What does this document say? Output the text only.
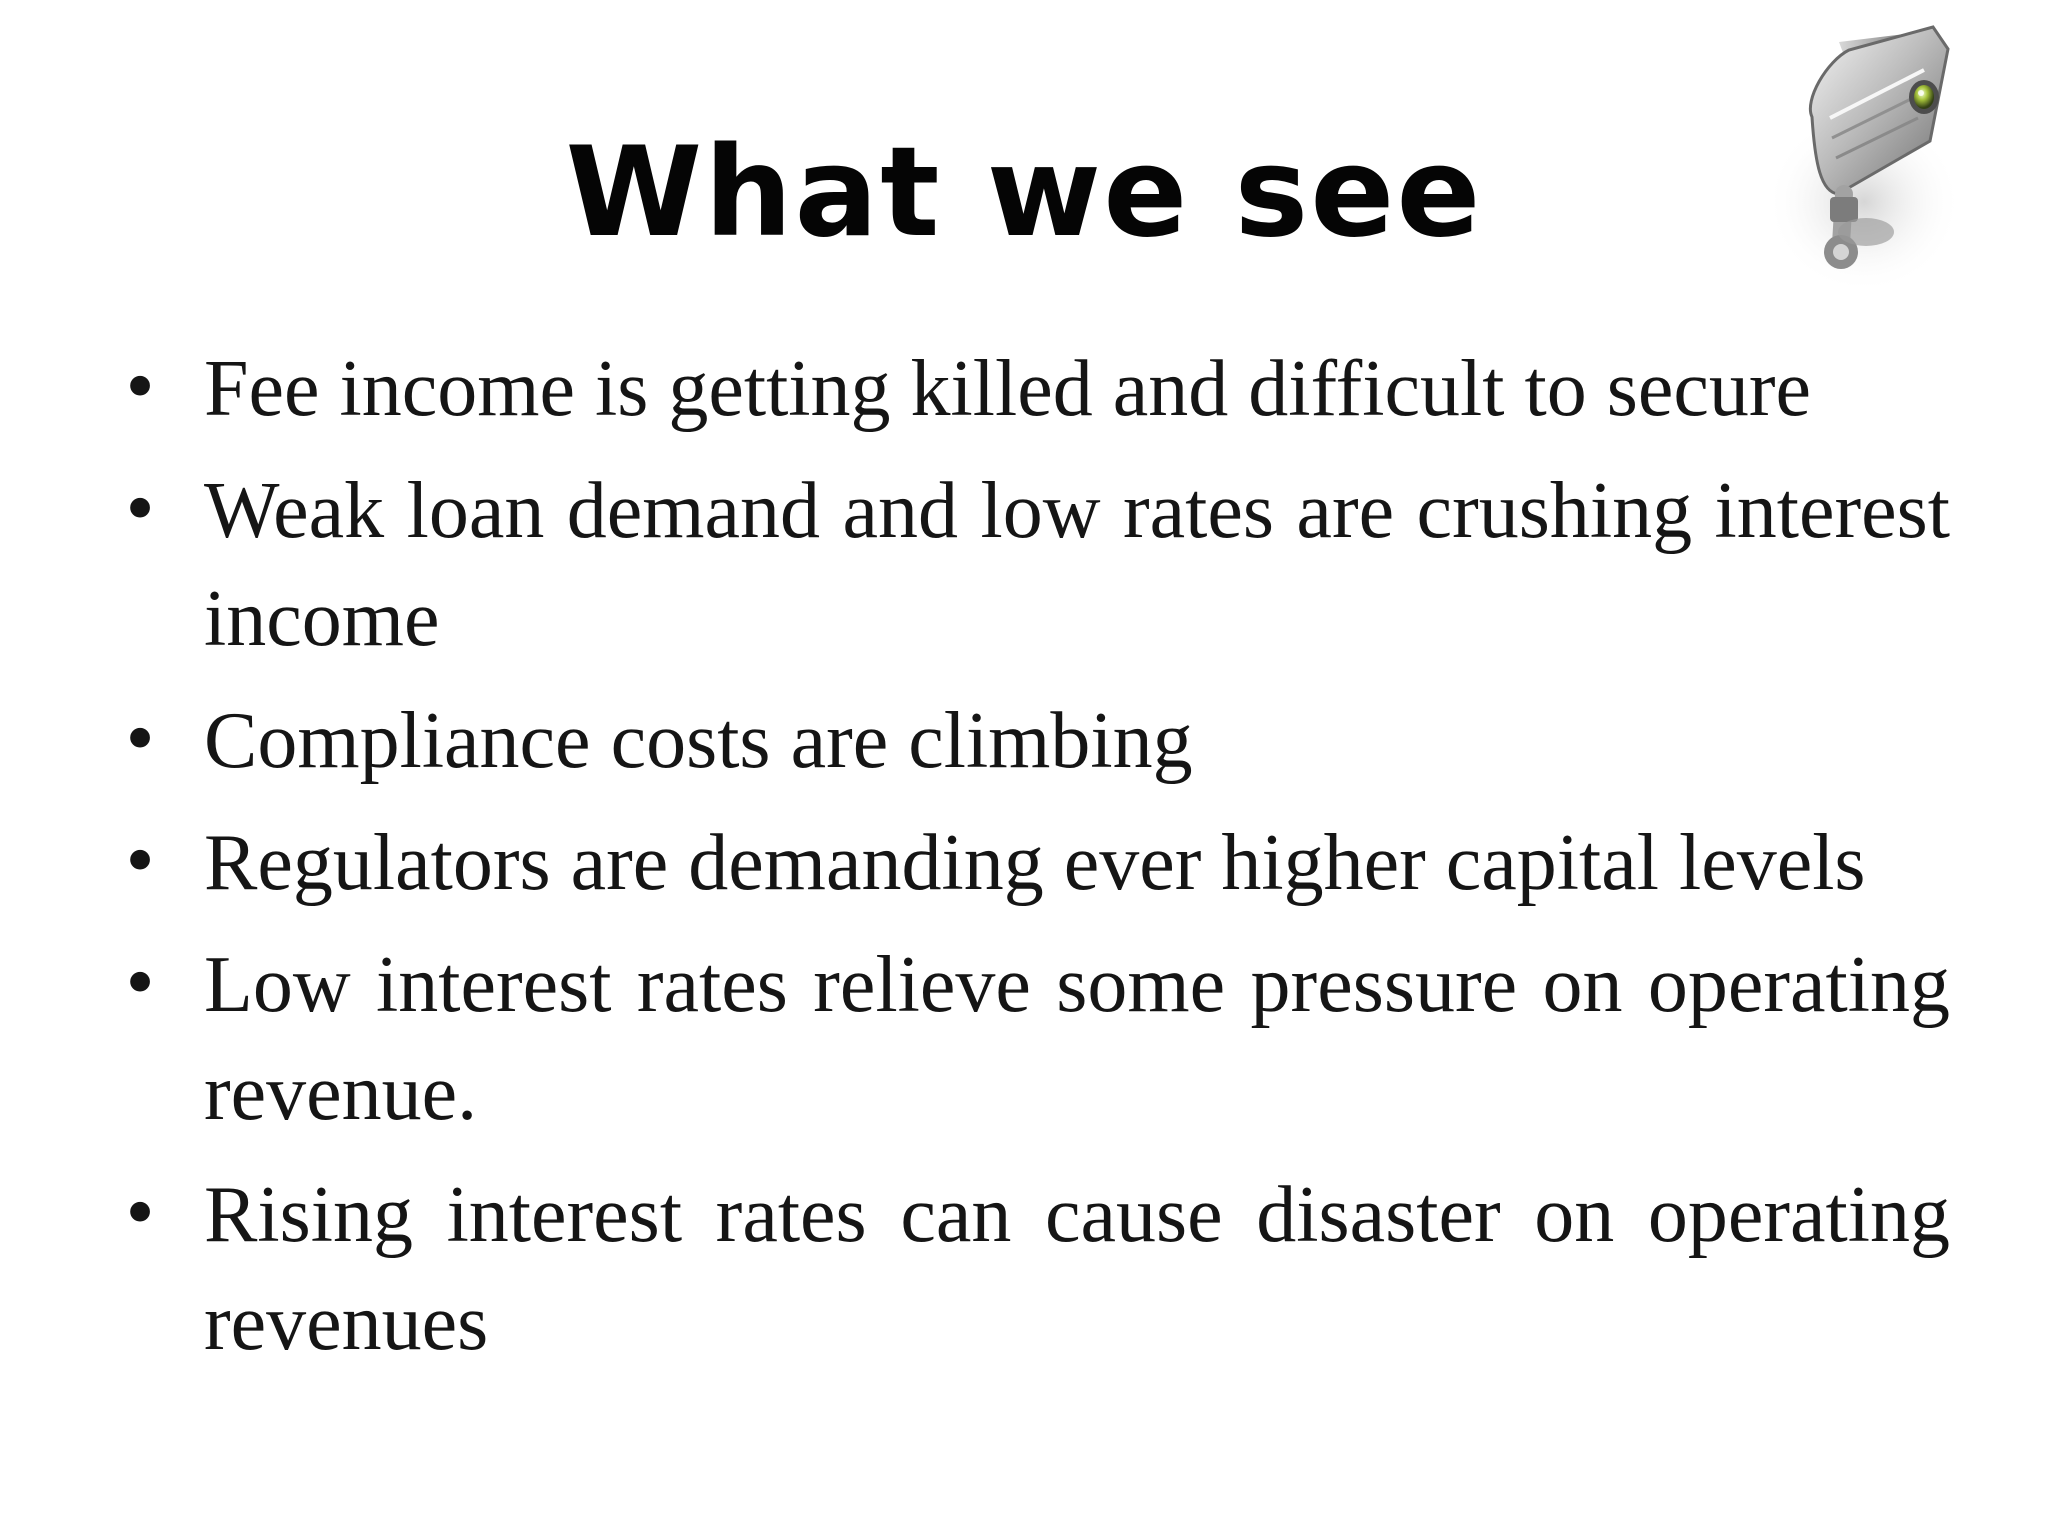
What we see
• Fee income is getting killed and difficult to secure
• Weak loan demand and low rates are crushing interest income
• Compliance costs are climbing
• Regulators are demanding ever higher capital levels
• Low interest rates relieve some pressure on operating revenue.
• Rising interest rates can cause disaster on operating revenues
